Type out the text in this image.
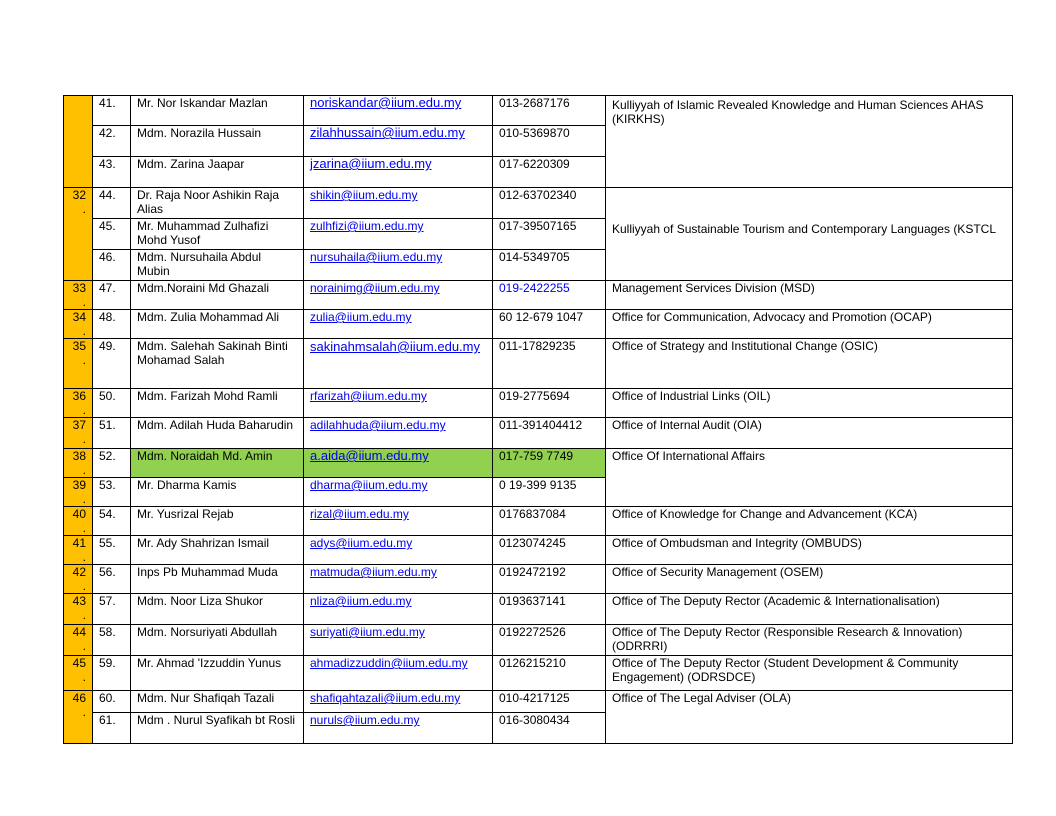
	41.	Mr. Nor Iskandar Mazlan	noriskandar@iium.edu.my	013-2687176	Kulliyyah of Islamic Revealed Knowledge and Human Sciences AHAS (KIRKHS)
	42.	Mdm. Norazila Hussain	zilahhussain@iium.edu.my	010-5369870	
	43.	Mdm. Zarina Jaapar	jzarina@iium.edu.my	017-6220309	
32.	44.	Dr. Raja Noor Ashikin Raja Alias	shikin@iium.edu.my	012-63702340	Kulliyyah of Sustainable Tourism and Contemporary Languages (KSTCL

	45.	Mr. Muhammad Zulhafizi Mohd Yusof	zulhfizi@iium.edu.my	017-39507165	
	46.	Mdm. Nursuhaila Abdul Mubin	nursuhaila@iium.edu.my	014-5349705	
33.	47.	Mdm.Noraini Md Ghazali	norainimg@iium.edu.my	019-2422255	Management Services Division (MSD)
34.	48.	Mdm. Zulia Mohammad Ali	zulia@iium.edu.my	60 12-679 1047	Office for Communication, Advocacy and Promotion (OCAP)
35.	49.	Mdm. Salehah Sakinah Binti Mohamad Salah	sakinahmsalah@iium.edu.my	011-17829235	Office of Strategy and Institutional Change (OSIC)
36.	50.	Mdm. Farizah Mohd Ramli	rfarizah@iium.edu.my	019-2775694	Office of Industrial Links (OIL)
37.	51.	Mdm. Adilah Huda Baharudin	adilahhuda@iium.edu.my	011-391404412	Office of Internal Audit (OIA)
38.	52.	Mdm. Noraidah Md. Amin	a.aida@iium.edu.my	017-759 7749	Office Of International Affairs
39.	53.	Mr. Dharma Kamis	dharma@iium.edu.my	0 19-399 9135	
40.	54.	Mr. Yusrizal Rejab	rizal@iium.edu.my	0176837084	Office of Knowledge for Change and Advancement (KCA)
41.	55.	Mr. Ady Shahrizan Ismail	adys@iium.edu.my	0123074245	Office of Ombudsman and Integrity (OMBUDS)
42.	56.	Inps Pb Muhammad Muda	matmuda@iium.edu.my	0192472192	Office of Security Management (OSEM)
43.	57.	Mdm. Noor Liza Shukor	nliza@iium.edu.my	0193637141	Office of The Deputy Rector (Academic & Internationalisation)
44.	58.	Mdm. Norsuriyati Abdullah	suriyati@iium.edu.my	0192272526	Office of The Deputy Rector (Responsible Research & Innovation) (ODRRRI)
45.	59.	Mr. Ahmad 'Izzuddin Yunus	ahmadizzuddin@iium.edu.my	0126215210	Office of The Deputy Rector (Student Development & Community Engagement) (ODRSDCE)
46.	60.	Mdm. Nur Shafiqah Tazali	shafiqahtazali@iium.edu.my	010-4217125	Office of The Legal Adviser (OLA)
	61.	Mdm . Nurul Syafikah bt Rosli	nuruls@iium.edu.my	016-3080434	
